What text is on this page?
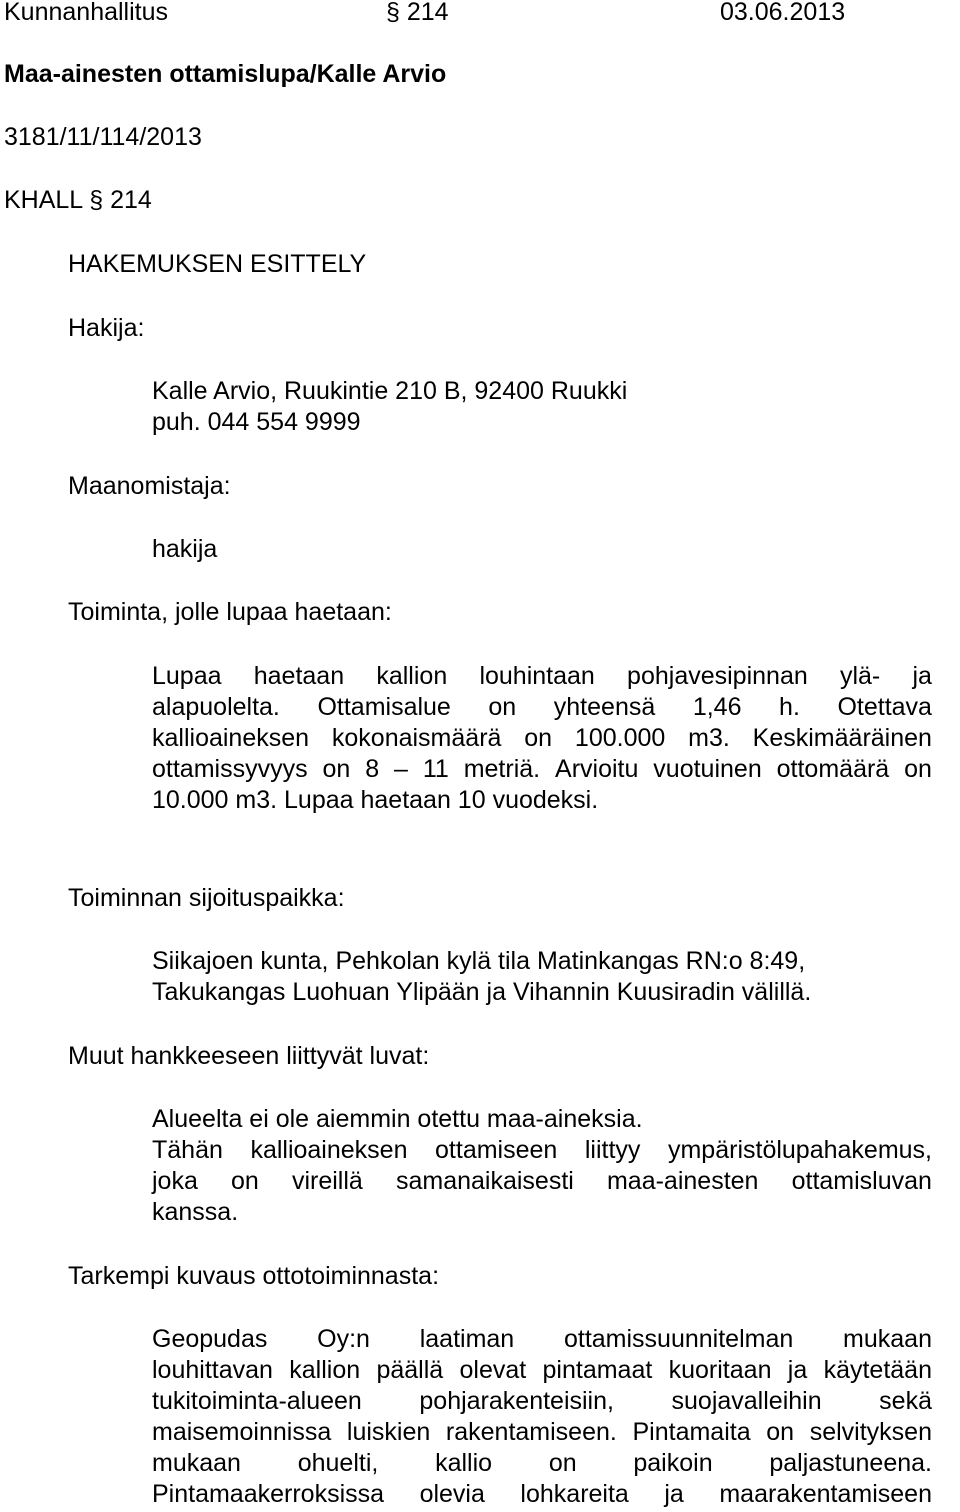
Kunnanhallitus	§ 214	03.06.2013
Maa-ainesten ottamislupa/Kalle Arvio
3181/11/114/2013
KHALL § 214
HAKEMUKSEN ESITTELY
Hakija:
Kalle Arvio, Ruukintie 210 B, 92400 Ruukki
puh. 044 554 9999
Maanomistaja:
hakija
Toiminta, jolle lupaa haetaan:
Lupaa haetaan kallion louhintaan pohjavesipinnan ylä- ja
alapuolelta. Ottamisalue on yhteensä 1,46 h. Otettava
kallioaineksen kokonaismäärä on 100.000 m3. Keskimääräinen
ottamissyvyys on 8 – 11 metriä. Arvioitu vuotuinen ottomäärä on
10.000 m3. Lupaa haetaan 10 vuodeksi.
Toiminnan sijoituspaikka:
Siikajoen kunta, Pehkolan kylä tila Matinkangas RN:o 8:49,
Takukangas Luohuan Ylipään ja Vihannin Kuusiradin välillä.
Muut hankkeeseen liittyvät luvat:
Alueelta ei ole aiemmin otettu maa-aineksia.
Tähän kallioaineksen ottamiseen liittyy ympäristölupahakemus,
joka on vireillä samanaikaisesti maa-ainesten ottamisluvan
kanssa.
Tarkempi kuvaus ottotoiminnasta:
Geopudas Oy:n laatiman ottamissuunnitelman mukaan
louhittavan kallion päällä olevat pintamaat kuoritaan ja käytetään
tukitoiminta-alueen pohjarakenteisiin, suojavalleihin sekä
maisemoinnissa luiskien rakentamiseen. Pintamaita on selvityksen
mukaan ohuelti, kallio on paikoin paljastuneena.
Pintamaakerroksissa olevia lohkareita ja maarakentamiseen
